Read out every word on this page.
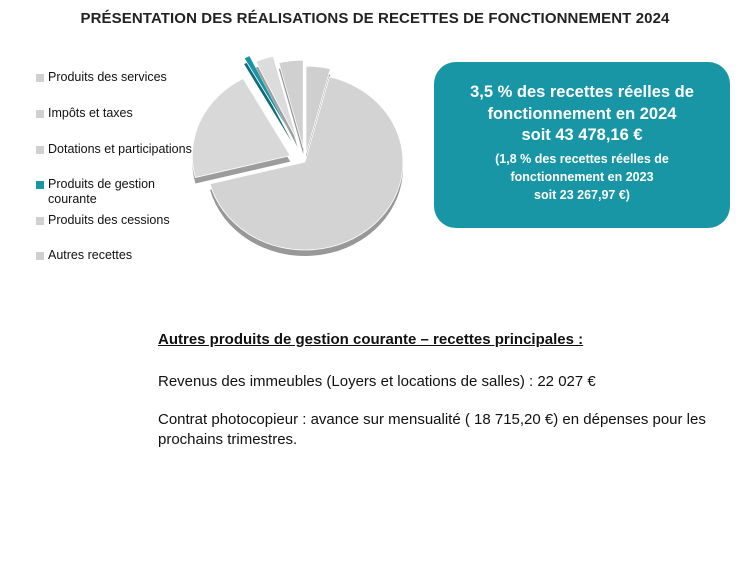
PRÉSENTATION DES RÉALISATIONS DE RECETTES DE FONCTIONNEMENT 2024
Produits des services
Impôts et taxes
Dotations et participations
Produits de gestion
courante
Produits des cessions
Autres recettes
3,5 % des recettes réelles de
fonctionnement en 2024
soit 43 478,16 €
(1,8 % des recettes réelles de
fonctionnement en 2023
soit 23 267,97 €)
Autres produits de gestion courante – recettes principales :

Revenus des immeubles (Loyers et locations de salles) : 22 027 €

Contrat photocopieur : avance sur mensualité ( 18 715,20 €) en dépenses pour les prochains trimestres.
